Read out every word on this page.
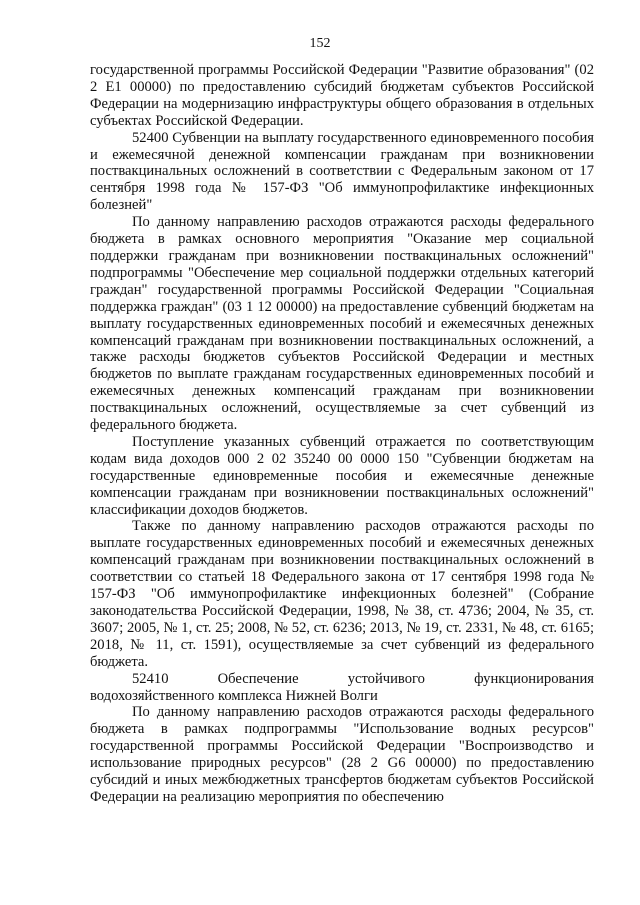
152

государственной программы Российской Федерации "Развитие образования" (02 2 Е1 00000) по предоставлению субсидий бюджетам субъектов Российской Федерации на модернизацию инфраструктуры общего образования в отдельных субъектах Российской Федерации.

52400 Субвенции на выплату государственного единовременного пособия и ежемесячной денежной компенсации гражданам при возникновении поствакцинальных осложнений в соответствии с Федеральным законом от 17 сентября 1998 года № 157-ФЗ "Об иммунопрофилактике инфекционных болезней"

По данному направлению расходов отражаются расходы федерального бюджета в рамках основного мероприятия "Оказание мер социальной поддержки гражданам при возникновении поствакцинальных осложнений" подпрограммы "Обеспечение мер социальной поддержки отдельных категорий граждан" государственной программы Российской Федерации "Социальная поддержка граждан" (03 1 12 00000) на предоставление субвенций бюджетам на выплату государственных единовременных пособий и ежемесячных денежных компенсаций гражданам при возникновении поствакцинальных осложнений, а также расходы бюджетов субъектов Российской Федерации и местных бюджетов по выплате гражданам государственных единовременных пособий и ежемесячных денежных компенсаций гражданам при возникновении поствакцинальных осложнений, осуществляемые за счет субвенций из федерального бюджета.

Поступление указанных субвенций отражается по соответствующим кодам вида доходов 000 2 02 35240 00 0000 150 "Субвенции бюджетам на государственные единовременные пособия и ежемесячные денежные компенсации гражданам при возникновении поствакцинальных осложнений" классификации доходов бюджетов.

Также по данному направлению расходов отражаются расходы по выплате государственных единовременных пособий и ежемесячных денежных компенсаций гражданам при возникновении поствакцинальных осложнений в соответствии со статьей 18 Федерального закона от 17 сентября 1998 года № 157-ФЗ "Об иммунопрофилактике инфекционных болезней" (Собрание законодательства Российской Федерации, 1998, № 38, ст. 4736; 2004, № 35, ст. 3607; 2005, № 1, ст. 25; 2008, № 52, ст. 6236; 2013, № 19, ст. 2331, № 48, ст. 6165; 2018, № 11, ст. 1591), осуществляемые за счет субвенций из федерального бюджета.

52410 Обеспечение устойчивого функционирования

водохозяйственного комплекса Нижней Волги

По данному направлению расходов отражаются расходы федерального бюджета в рамках подпрограммы "Использование водных ресурсов" государственной программы Российской Федерации "Воспроизводство и использование природных ресурсов" (28 2 G6 00000) по предоставлению субсидий и иных межбюджетных трансфертов бюджетам субъектов Российской Федерации на реализацию мероприятия по обеспечению
